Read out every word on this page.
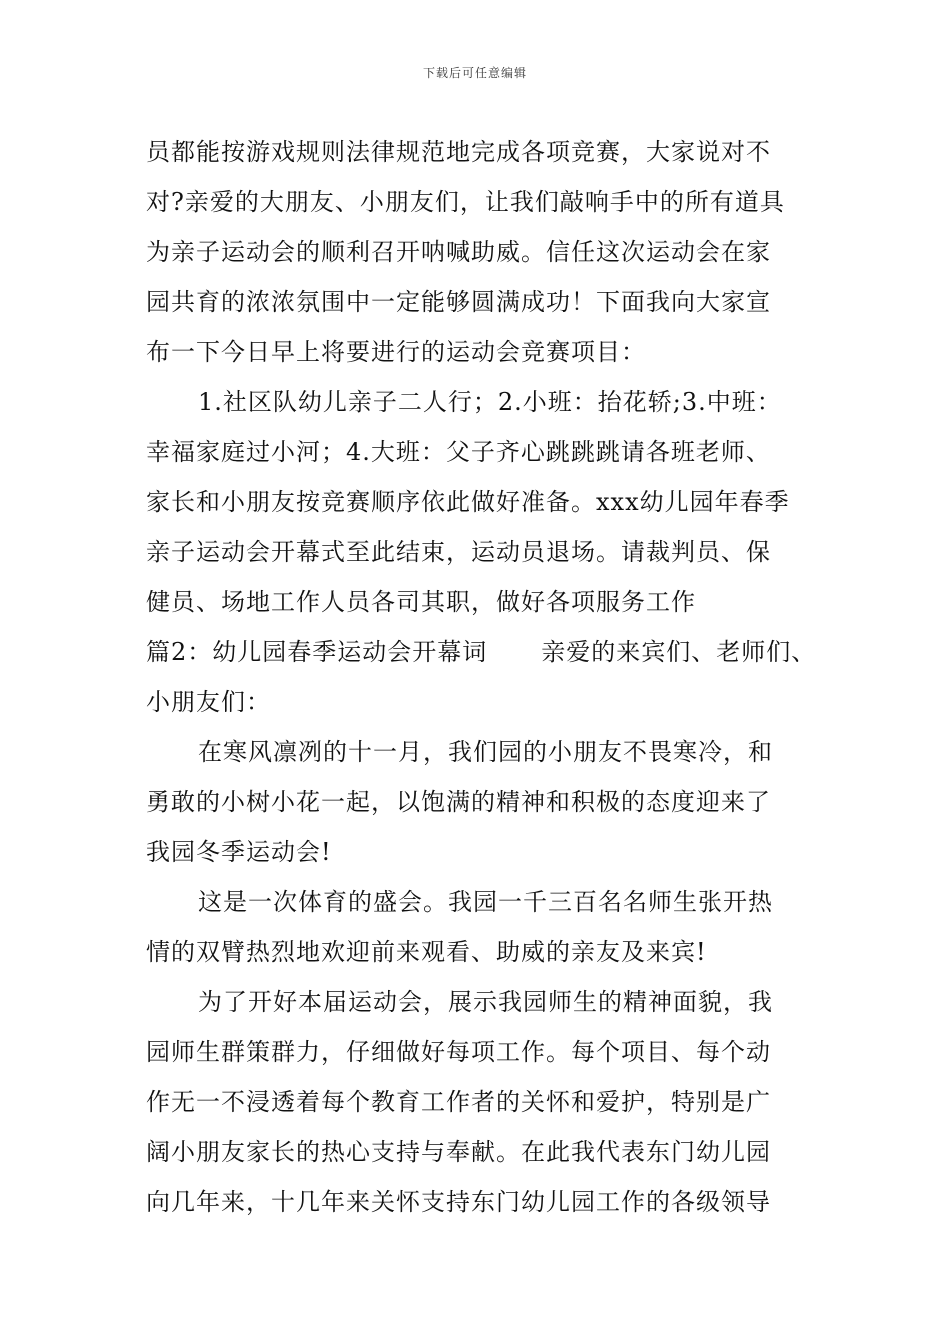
下载后可任意编辑
员都能按游戏规则法律规范地完成各项竞赛，大家说对不
对?亲爱的大朋友、小朋友们，让我们敲响手中的所有道具
为亲子运动会的顺利召开呐喊助威。信任这次运动会在家
园共育的浓浓氛围中一定能够圆满成功！下面我向大家宣
布一下今日早上将要进行的运动会竞赛项目：
1.社区队幼儿亲子二人行；2.小班：抬花轿;3.中班：
幸福家庭过小河；4.大班：父子齐心跳跳跳请各班老师、
家长和小朋友按竞赛顺序依此做好准备。xxx幼儿园年春季
亲子运动会开幕式至此结束，运动员退场。请裁判员、保
健员、场地工作人员各司其职，做好各项服务工作
篇2：幼儿园春季运动会开幕词 亲爱的来宾们、老师们、
小朋友们：
在寒风凛冽的十一月，我们园的小朋友不畏寒冷，和
勇敢的小树小花一起，以饱满的精神和积极的态度迎来了
我园冬季运动会!
这是一次体育的盛会。我园一千三百名名师生张开热
情的双臂热烈地欢迎前来观看、助威的亲友及来宾!
为了开好本届运动会，展示我园师生的精神面貌，我
园师生群策群力，仔细做好每项工作。每个项目、每个动
作无一不浸透着每个教育工作者的关怀和爱护，特别是广
阔小朋友家长的热心支持与奉献。在此我代表东门幼儿园
向几年来，十几年来关怀支持东门幼儿园工作的各级领导
